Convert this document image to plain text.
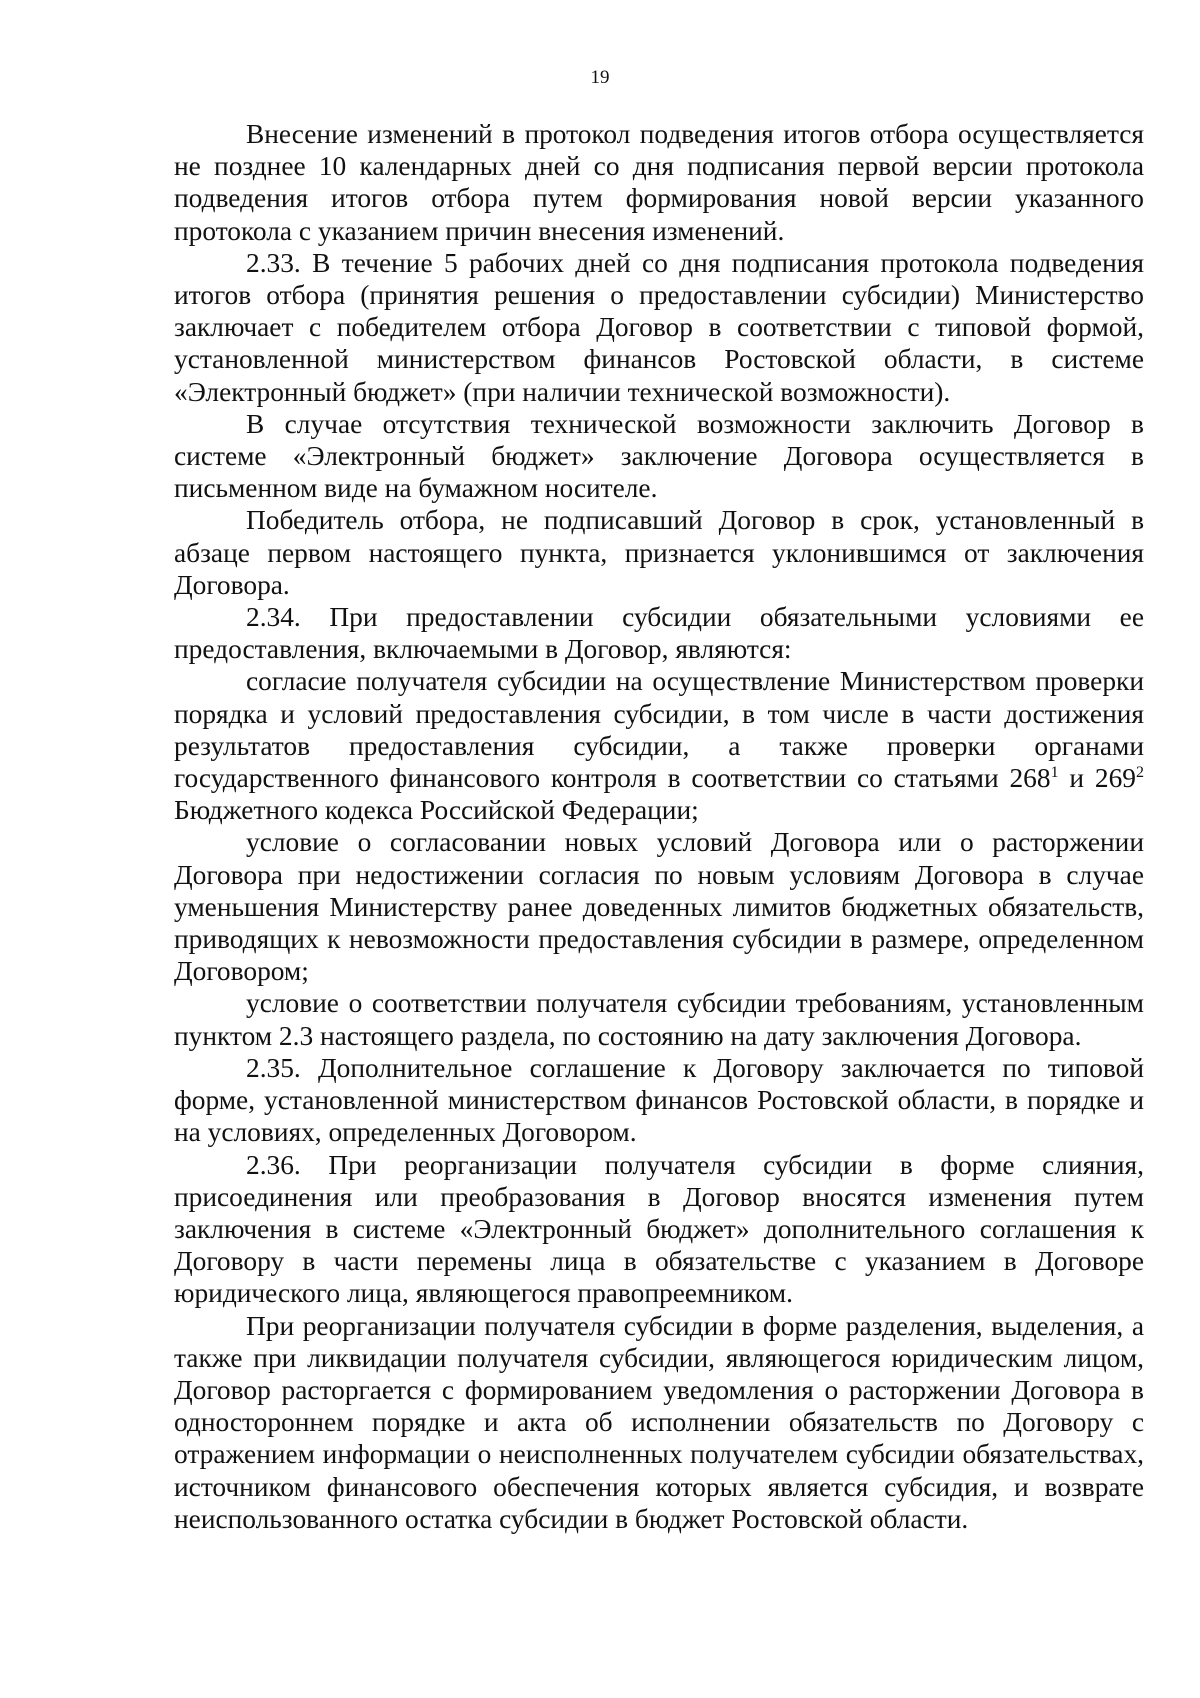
19

Внесение изменений в протокол подведения итогов отбора осуществляется не позднее 10 календарных дней со дня подписания первой версии протокола подведения итогов отбора путем формирования новой версии указанного протокола с указанием причин внесения изменений.

2.33. В течение 5 рабочих дней со дня подписания протокола подведения итогов отбора (принятия решения о предоставлении субсидии) Министерство заключает с победителем отбора Договор в соответствии с типовой формой, установленной министерством финансов Ростовской области, в системе «Электронный бюджет» (при наличии технической возможности).

В случае отсутствия технической возможности заключить Договор в системе «Электронный бюджет» заключение Договора осуществляется в письменном виде на бумажном носителе.

Победитель отбора, не подписавший Договор в срок, установленный в абзаце первом настоящего пункта, признается уклонившимся от заключения Договора.

2.34. При предоставлении субсидии обязательными условиями ее предоставления, включаемыми в Договор, являются:

согласие получателя субсидии на осуществление Министерством проверки порядка и условий предоставления субсидии, в том числе в части достижения результатов предоставления субсидии, а также проверки органами государственного финансового контроля в соответствии со статьями $268^1$ и $269^2$ Бюджетного кодекса Российской Федерации;

условие о согласовании новых условий Договора или о расторжении Договора при недостижении согласия по новым условиям Договора в случае уменьшения Министерству ранее доведенных лимитов бюджетных обязательств, приводящих к невозможности предоставления субсидии в размере, определенном Договором;

условие о соответствии получателя субсидии требованиям, установленным пунктом 2.3 настоящего раздела, по состоянию на дату заключения Договора.

2.35. Дополнительное соглашение к Договору заключается по типовой форме, установленной министерством финансов Ростовской области, в порядке и на условиях, определенных Договором.

2.36. При реорганизации получателя субсидии в форме слияния, присоединения или преобразования в Договор вносятся изменения путем заключения в системе «Электронный бюджет» дополнительного соглашения к Договору в части перемены лица в обязательстве с указанием в Договоре юридического лица, являющегося правопреемником.

При реорганизации получателя субсидии в форме разделения, выделения, а также при ликвидации получателя субсидии, являющегося юридическим лицом, Договор расторгается с формированием уведомления о расторжении Договора в одностороннем порядке и акта об исполнении обязательств по Договору с отражением информации о неисполненных получателем субсидии обязательствах, источником финансового обеспечения которых является субсидия, и возврате неиспользованного остатка субсидии в бюджет Ростовской области.
